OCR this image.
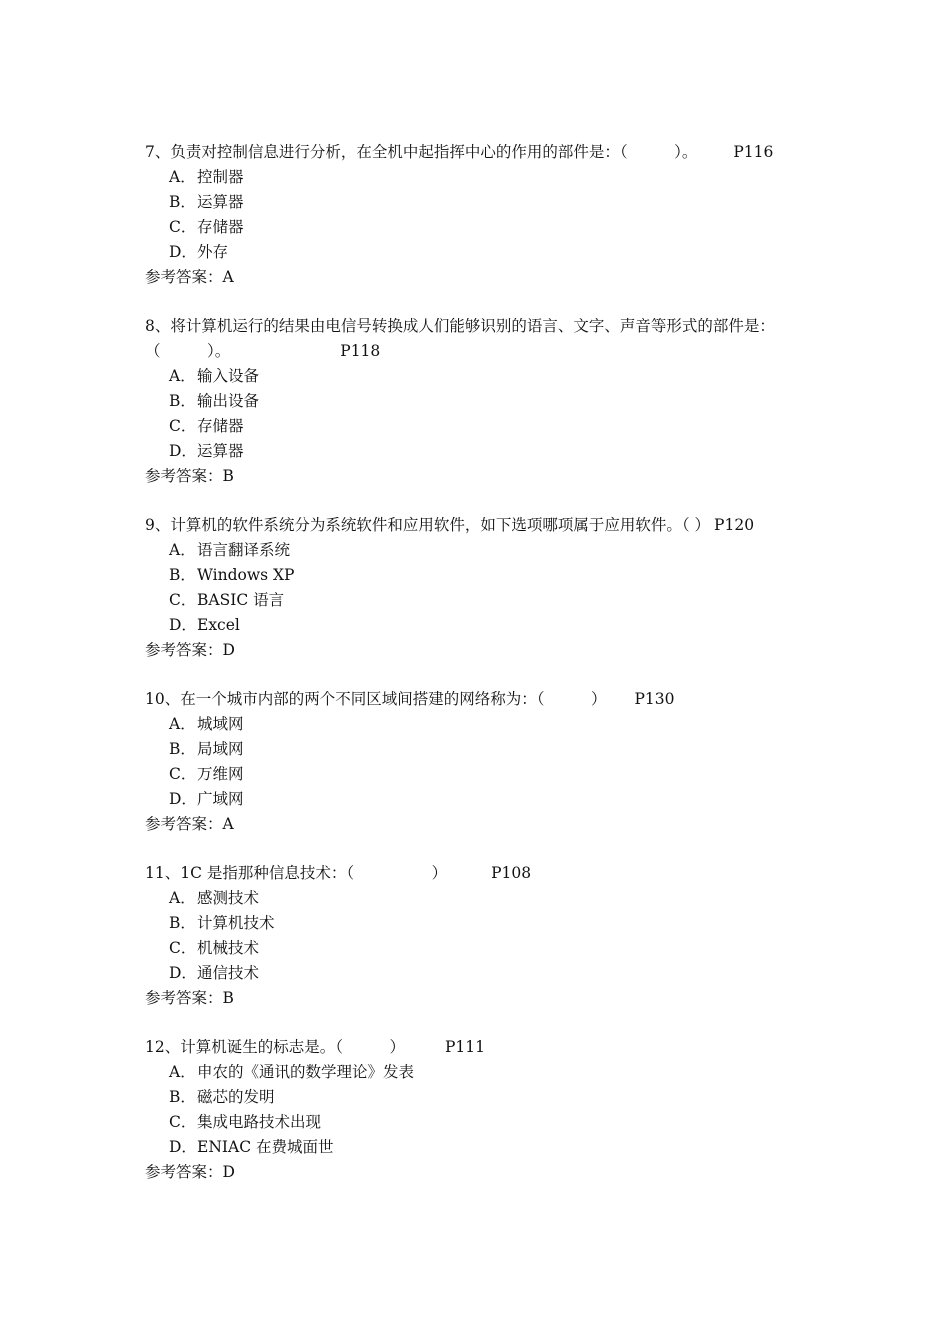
7、负责对控制信息进行分析，在全机中起指挥中心的作用的部件是：（　　　）。 P116
A．控制器
B．运算器
C．存储器
D．外存
参考答案：A
8、将计算机运行的结果由电信号转换成人们能够识别的语言、文字、声音等形式的部件是：（　　　）。	P118
A．输入设备
B．输出设备
C．存储器
D．运算器
参考答案：B
9、计算机的软件系统分为系统软件和应用软件，如下选项哪项属于应用软件。（ ） P120
A．语言翻译系统
B．Windows XP
C．BASIC 语言
D．Excel
参考答案：D
10、在一个城市内部的两个不同区域间搭建的网络称为：（　　　） P130
A．城域网
B．局域网
C．万维网
D．广域网
参考答案：A
11、1C 是指那种信息技术：（　　　　　）	P108
A．感测技术
B．计算机技术
C．机械技术
D．通信技术
参考答案：B
12、计算机诞生的标志是。（　　　）	P111
A．申农的《通讯的数学理论》发表
B．磁芯的发明
C．集成电路技术出现
D．ENIAC 在费城面世
参考答案：D
